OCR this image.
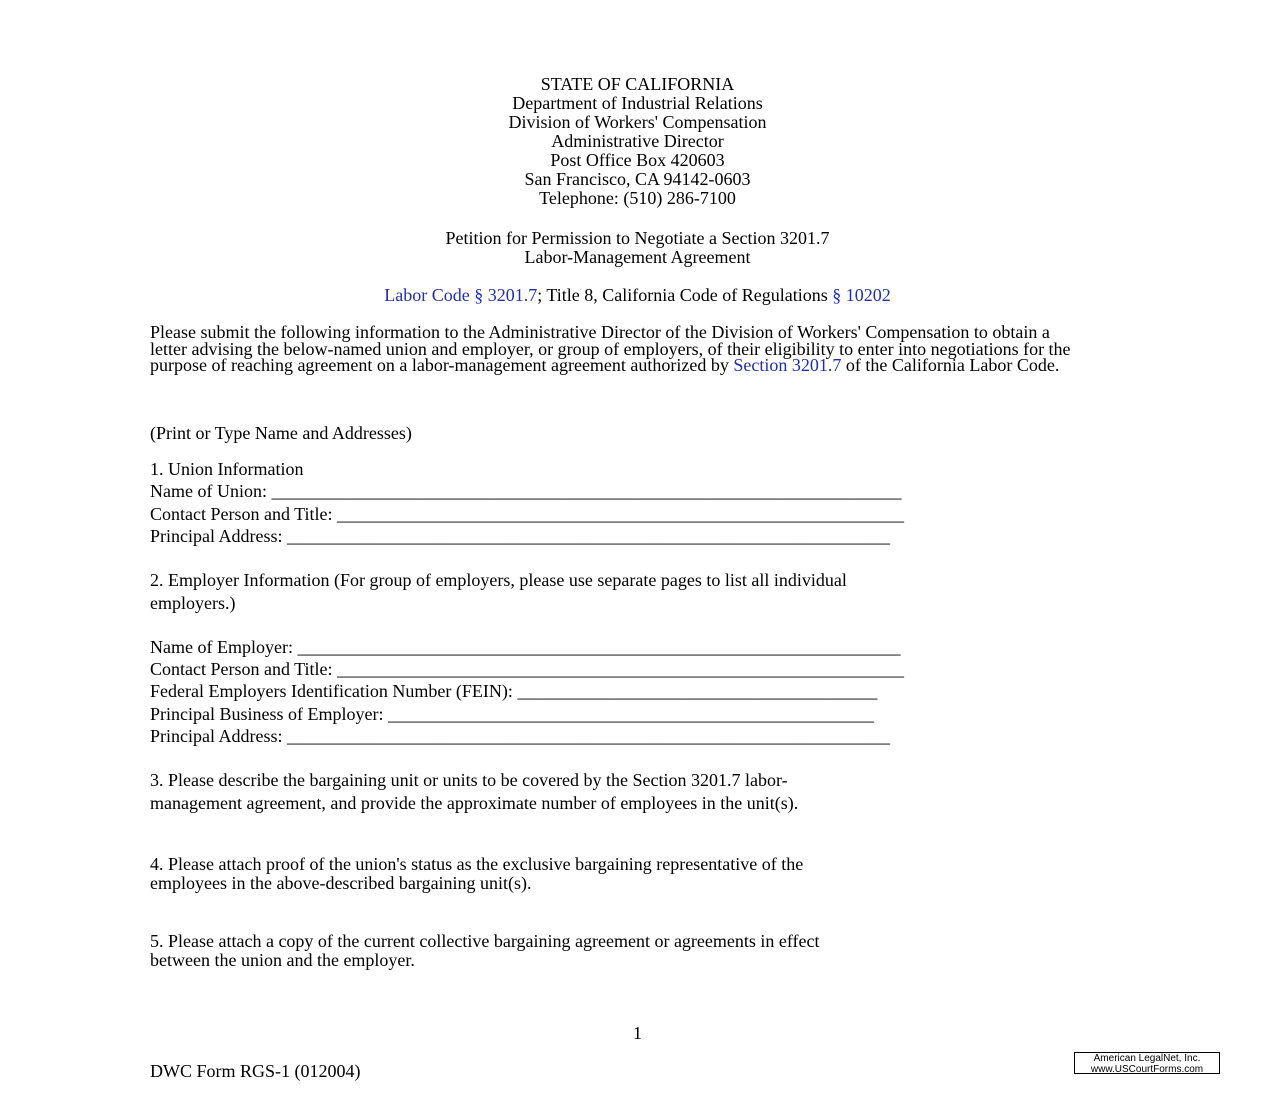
STATE OF CALIFORNIA
Department of Industrial Relations
Division of Workers' Compensation
Administrative Director
Post Office Box 420603
San Francisco, CA 94142-0603
Telephone: (510) 286-7100
Petition for Permission to Negotiate a Section 3201.7
Labor-Management Agreement
Labor Code § 3201.7; Title 8, California Code of Regulations § 10202
Please submit the following information to the Administrative Director of the Division of Workers' Compensation to obtain a letter advising the below-named union and employer, or group of employers, of their eligibility to enter into negotiations for the purpose of reaching agreement on a labor-management agreement authorized by Section 3201.7 of the California Labor Code.
(Print or Type Name and Addresses)
1. Union Information
Name of Union: ______________________________________________________________________
Contact Person and Title: _______________________________________________________________
Principal Address: ___________________________________________________________________
2. Employer Information (For group of employers, please use separate pages to list all individual
employers.)
Name of Employer: ___________________________________________________________________
Contact Person and Title: _______________________________________________________________
Federal Employers Identification Number (FEIN): ________________________________________
Principal Business of Employer: ______________________________________________________
Principal Address: ___________________________________________________________________
3. Please describe the bargaining unit or units to be covered by the Section 3201.7 labor-
management agreement, and provide the approximate number of employees in the unit(s).
4. Please attach proof of the union's status as the exclusive bargaining representative of the
employees in the above-described bargaining unit(s).
5. Please attach a copy of the current collective bargaining agreement or agreements in effect
between the union and the employer.
1
DWC Form RGS-1 (012004)
American LegalNet, Inc.
www.USCourtForms.com
